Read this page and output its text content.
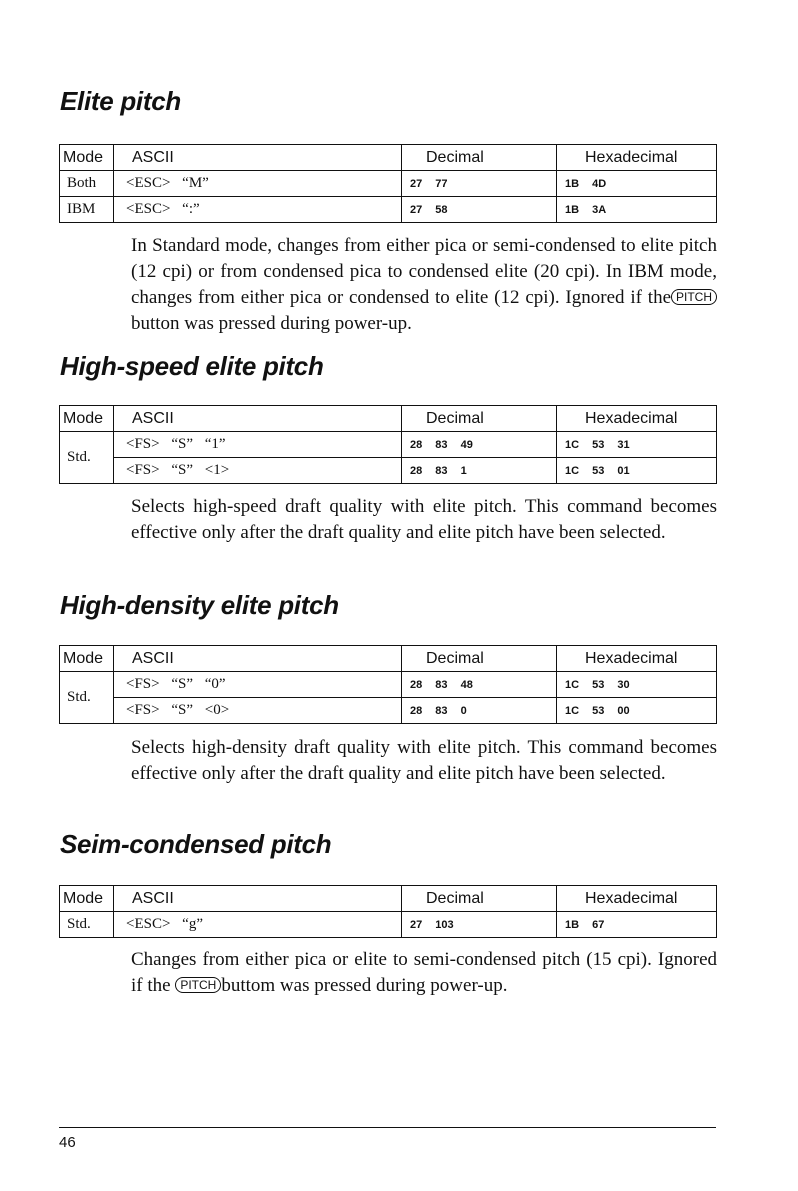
Elite pitch
Mode	ASCII	Decimal	Hexadecimal
Both	<ESC> “M”	27 77	1B 4D
IBM	<ESC> “:”	27 58	1B 3A

In Standard mode, changes from either pica or semi-condensed to elite pitch (12 cpi) or from condensed pica to condensed elite (20 cpi). In IBM mode, changes from either pica or condensed to elite (12 cpi). Ignored if the PITCHbutton was pressed during power-up.

High-speed elite pitch
Mode	ASCII	Decimal	Hexadecimal
Std.	<FS> “S” “1”	28 83 49	1C 53 31
	<FS> “S” <1>	28 83 1	1C 53 01

Selects high-speed draft quality with elite pitch. This command becomes effective only after the draft quality and elite pitch have been selected.

High-density elite pitch
Mode	ASCII	Decimal	Hexadecimal
Std.	<FS> “S” “0”	28 83 48	1C 53 30
	<FS> “S” <0>	28 83 0	1C 53 00

Selects high-density draft quality with elite pitch. This command becomes effective only after the draft quality and elite pitch have been selected.

Seim-condensed pitch
Mode	ASCII	Decimal	Hexadecimal
Std.	<ESC> “g”	27 103	1B 67

Changes from either pica or elite to semi-condensed pitch (15 cpi). Ignored if the PITCH buttom was pressed during power-up.

46
